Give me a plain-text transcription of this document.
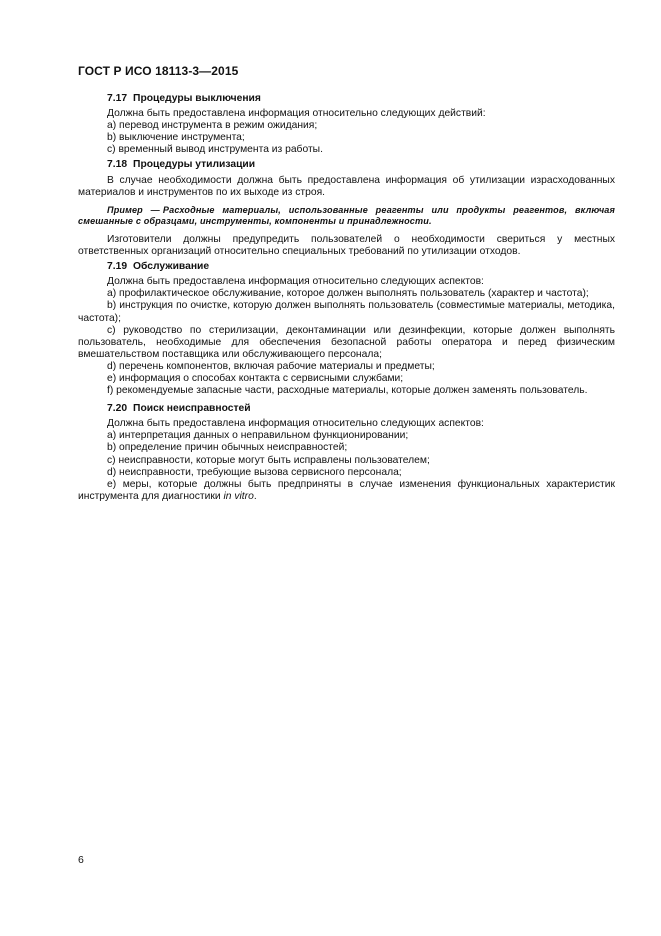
ГОСТ Р ИСО 18113-3—2015

7.17 Процедуры выключения

Должна быть предоставлена информация относительно следующих действий:

a) перевод инструмента в режим ожидания;

b) выключение инструмента;

c) временный вывод инструмента из работы.

7.18 Процедуры утилизации

В случае необходимости должна быть предоставлена информация об утилизации израсходованных материалов и инструментов по их выходе из строя.

Пример — Расходные материалы, использованные реагенты или продукты реагентов, включая смешанные с образцами, инструменты, компоненты и принадлежности.

Изготовители должны предупредить пользователей о необходимости свериться у местных ответственных организаций относительно специальных требований по утилизации отходов.

7.19 Обслуживание

Должна быть предоставлена информация относительно следующих аспектов:

a) профилактическое обслуживание, которое должен выполнять пользователь (характер и частота);

b) инструкция по очистке, которую должен выполнять пользователь (совместимые материалы, методика, частота);

c) руководство по стерилизации, деконтаминации или дезинфекции, которые должен выполнять пользователь, необходимые для обеспечения безопасной работы оператора и перед физическим вмешательством поставщика или обслуживающего персонала;

d) перечень компонентов, включая рабочие материалы и предметы;

e) информация о способах контакта с сервисными службами;

f) рекомендуемые запасные части, расходные материалы, которые должен заменять пользователь.

7.20 Поиск неисправностей

Должна быть предоставлена информация относительно следующих аспектов:

a) интерпретация данных о неправильном функционировании;

b) определение причин обычных неисправностей;

c) неисправности, которые могут быть исправлены пользователем;

d) неисправности, требующие вызова сервисного персонала;

e) меры, которые должны быть предприняты в случае изменения функциональных характеристик инструмента для диагностики in vitro.

6
